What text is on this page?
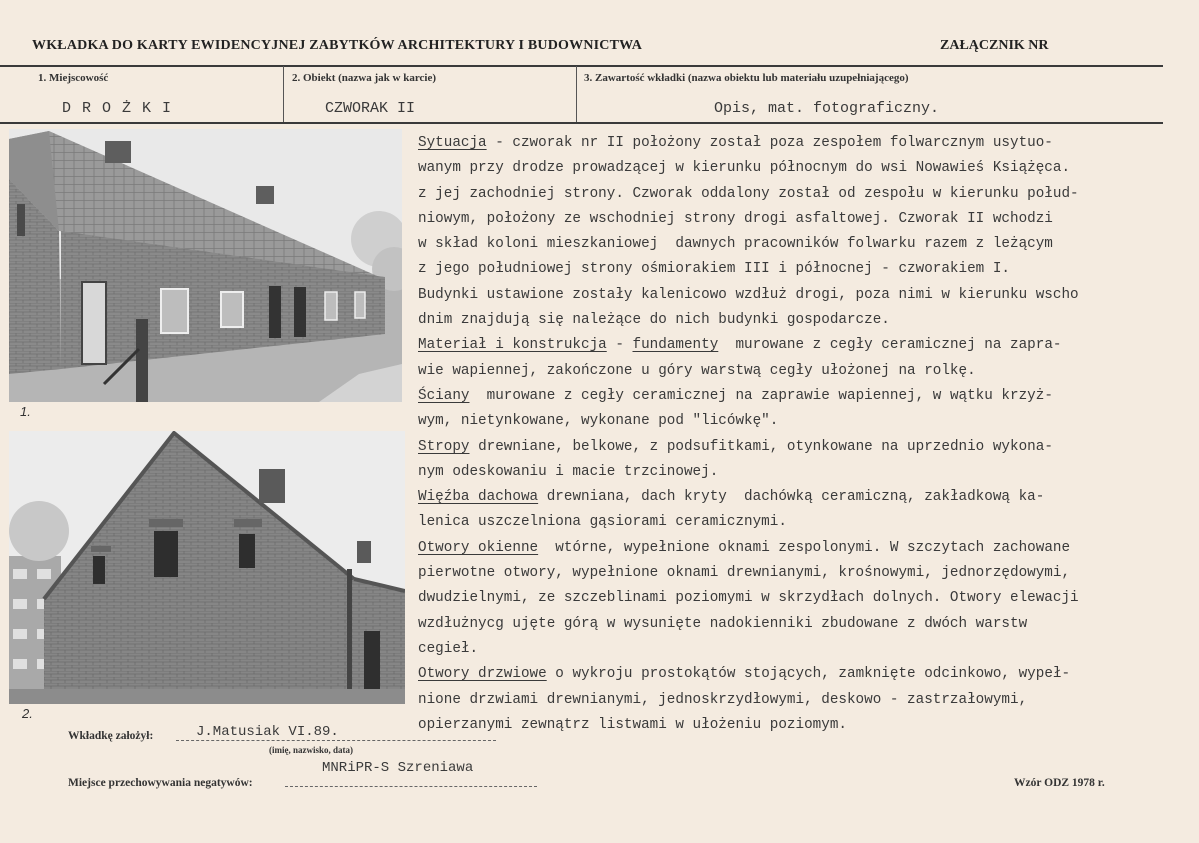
WKŁADKA DO KARTY EWIDENCYJNEJ ZABYTKÓW ARCHITEKTURY I BUDOWNICTWA	ZAŁĄCZNIK NR
1. Miejscowość
D R O Ż K I
2. Obiekt (nazwa jak w karcie)
CZWORAK II
3. Zawartość wkładki (nazwa obiektu lub materiału uzupełniającego)
Opis, mat. fotograficzny.
1.
2.
Sytuacja - czworak nr II położony został poza zespołem folwarcznym usytuo-
wanym przy drodze prowadzącej w kierunku północnym do wsi Nowawieś Książęca.
z jej zachodniej strony. Czworak oddalony został od zespołu w kierunku połud-
niowym, położony ze wschodniej strony drogi asfaltowej. Czworak II wchodzi
w skład koloni mieszkaniowej  dawnych pracowników folwarku razem z leżącym
z jego południowej strony ośmiorakiem III i północnej - czworakiem I.
Budynki ustawione zostały kalenicowo wzdłuż drogi, poza nimi w kierunku wscho
dnim znajdują się należące do nich budynki gospodarcze.
Materiał i konstrukcja - fundamenty  murowane z cegły ceramicznej na zapra-
wie wapiennej, zakończone u góry warstwą cegły ułożonej na rolkę.
Ściany  murowane z cegły ceramicznej na zaprawie wapiennej, w wątku krzyż-
wym, nietynkowane, wykonane pod "licówkę".
Stropy drewniane, belkowe, z podsufitkami, otynkowane na uprzednio wykona-
nym odeskowaniu i macie trzcinowej.
Więźba dachowa drewniana, dach kryty  dachówką ceramiczną, zakładkową ka-
lenica uszczelniona gąsiorami ceramicznymi.
Otwory okienne  wtórne, wypełnione oknami zespolonymi. W szczytach zachowane
pierwotne otwory, wypełnione oknami drewnianymi, krośnowymi, jednorzędowymi,
dwudzielnymi, ze szczeblinami poziomymi w skrzydłach dolnych. Otwory elewacji
wzdłużnycg ujęte górą w wysunięte nadokienniki zbudowane z dwóch warstw
cegieł.
Otwory drzwiowe o wykroju prostokątów stojących, zamknięte odcinkowo, wypeł-
nione drzwiami drewnianymi, jednoskrzydłowymi, deskowo - zastrzałowymi,
opierzanymi zewnątrz listwami w ułożeniu poziomym.
Wkładkę założył:	J.Matusiak VI.89.
(imię, nazwisko, data)
Miejsce przechowywania negatywów:
MNRiPR-S Szreniawa
Wzór ODZ 1978 r.
